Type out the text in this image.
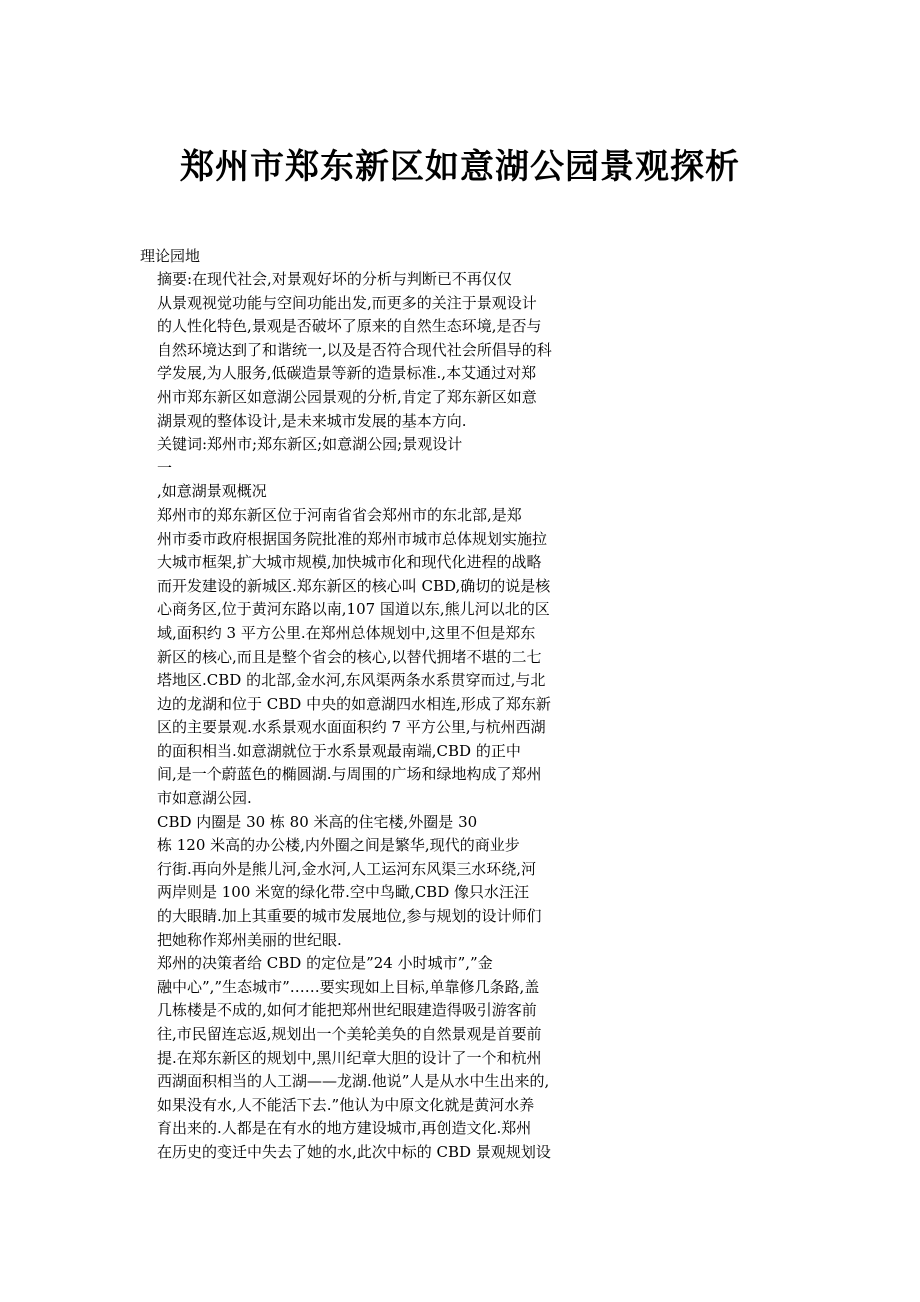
郑州市郑东新区如意湖公园景观探析
理论园地
摘要:在现代社会,对景观好坏的分析与判断已不再仅仅
从景观视觉功能与空间功能出发,而更多的关注于景观设计
的人性化特色,景观是否破坏了原来的自然生态环境,是否与
自然环境达到了和谐统一,以及是否符合现代社会所倡导的科
学发展,为人服务,低碳造景等新的造景标准.,本艾通过对郑
州市郑东新区如意湖公园景观的分析,肯定了郑东新区如意
湖景观的整体设计,是未来城市发展的基本方向.
关键词:郑州市;郑东新区;如意湖公园;景观设计
一
,如意湖景观概况
郑州市的郑东新区位于河南省省会郑州市的东北部,是郑
州市委市政府根据国务院批准的郑州市城市总体规划实施拉
大城市框架,扩大城市规模,加快城市化和现代化进程的战略
而开发建设的新城区.郑东新区的核心叫 CBD,确切的说是核
心商务区,位于黄河东路以南,107 国道以东,熊儿河以北的区
域,面积约 3 平方公里.在郑州总体规划中,这里不但是郑东
新区的核心,而且是整个省会的核心,以替代拥堵不堪的二七
塔地区.CBD 的北部,金水河,东风渠两条水系贯穿而过,与北
边的龙湖和位于 CBD 中央的如意湖四水相连,形成了郑东新
区的主要景观.水系景观水面面积约 7 平方公里,与杭州西湖
的面积相当.如意湖就位于水系景观最南端,CBD 的正中
间,是一个蔚蓝色的椭圆湖.与周围的广场和绿地构成了郑州
市如意湖公园.
CBD 内圈是 30 栋 80 米高的住宅楼,外圈是 30
栋 120 米高的办公楼,内外圈之间是繁华,现代的商业步
行街.再向外是熊儿河,金水河,人工运河东风渠三水环绕,河
两岸则是 100 米宽的绿化带.空中鸟瞰,CBD 像只水汪汪
的大眼睛.加上其重要的城市发展地位,参与规划的设计师们
把她称作郑州美丽的世纪眼.
郑州的决策者给 CBD 的定位是”24 小时城市”,”金
融中心”,”生态城市”……要实现如上目标,单靠修几条路,盖
几栋楼是不成的,如何才能把郑州世纪眼建造得吸引游客前
往,市民留连忘返,规划出一个美轮美奂的自然景观是首要前
提.在郑东新区的规划中,黑川纪章大胆的设计了一个和杭州
西湖面积相当的人工湖——龙湖.他说”人是从水中生出来的,
如果没有水,人不能活下去.”他认为中原文化就是黄河水养
育出来的.人都是在有水的地方建设城市,再创造文化.郑州
在历史的变迁中失去了她的水,此次中标的 CBD 景观规划设
